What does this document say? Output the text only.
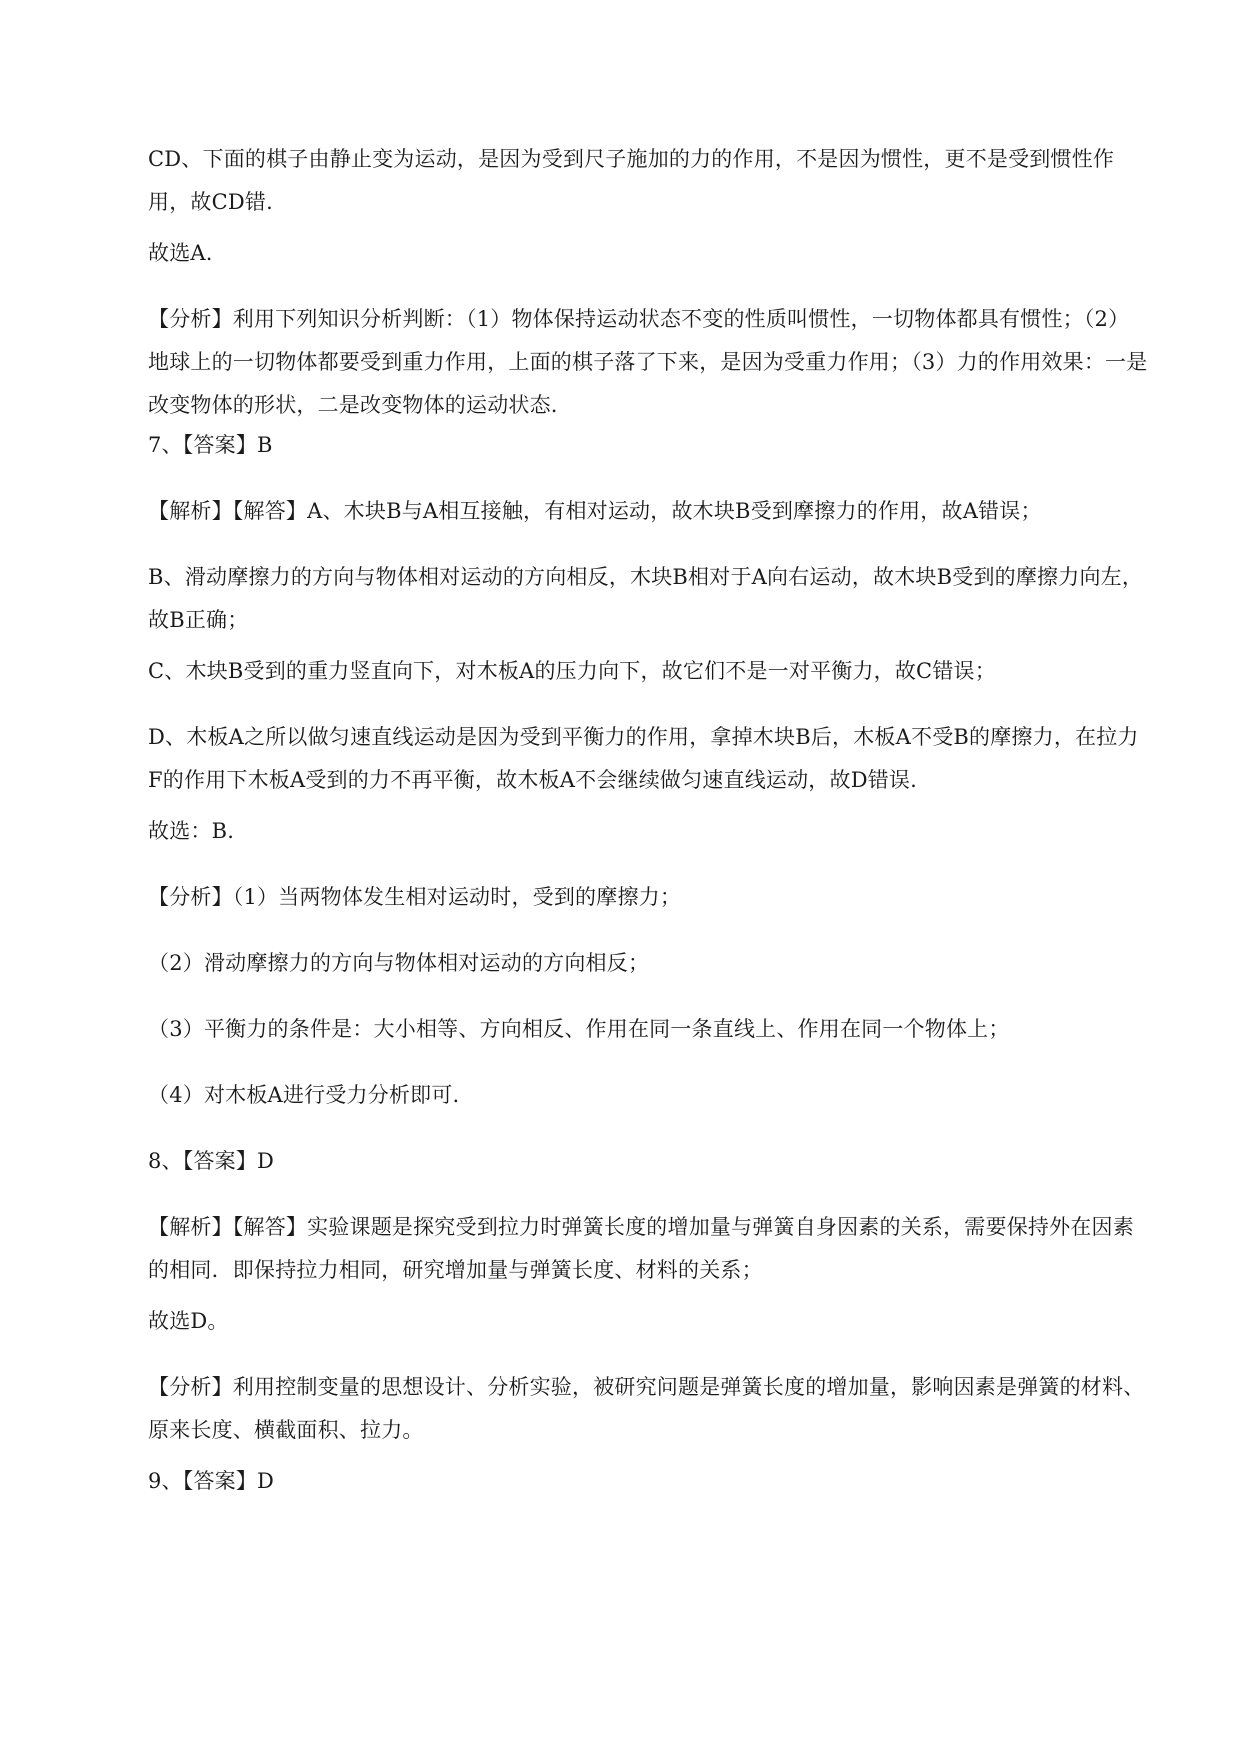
CD、下面的棋子由静止变为运动，是因为受到尺子施加的力的作用，不是因为惯性，更不是受到惯性作用，故CD错.

故选A.

【分析】利用下列知识分析判断：（1）物体保持运动状态不变的性质叫惯性，一切物体都具有惯性；（2）地球上的一切物体都要受到重力作用，上面的棋子落了下来，是因为受重力作用；（3）力的作用效果：一是改变物体的形状，二是改变物体的运动状态.

7、【答案】B

【解析】【解答】A、木块B与A相互接触，有相对运动，故木块B受到摩擦力的作用，故A错误；

B、滑动摩擦力的方向与物体相对运动的方向相反，木块B相对于A向右运动，故木块B受到的摩擦力向左，故B正确；

C、木块B受到的重力竖直向下，对木板A的压力向下，故它们不是一对平衡力，故C错误；

D、木板A之所以做匀速直线运动是因为受到平衡力的作用，拿掉木块B后，木板A不受B的摩擦力，在拉力F的作用下木板A受到的力不再平衡，故木板A不会继续做匀速直线运动，故D错误.

故选：B.

【分析】（1）当两物体发生相对运动时，受到的摩擦力；

（2）滑动摩擦力的方向与物体相对运动的方向相反；

（3）平衡力的条件是：大小相等、方向相反、作用在同一条直线上、作用在同一个物体上；

（4）对木板A进行受力分析即可.

8、【答案】D

【解析】【解答】实验课题是探究受到拉力时弹簧长度的增加量与弹簧自身因素的关系，需要保持外在因素的相同．即保持拉力相同，研究增加量与弹簧长度、材料的关系；

故选D。

【分析】利用控制变量的思想设计、分析实验，被研究问题是弹簧长度的增加量，影响因素是弹簧的材料、原来长度、横截面积、拉力。

9、【答案】D
